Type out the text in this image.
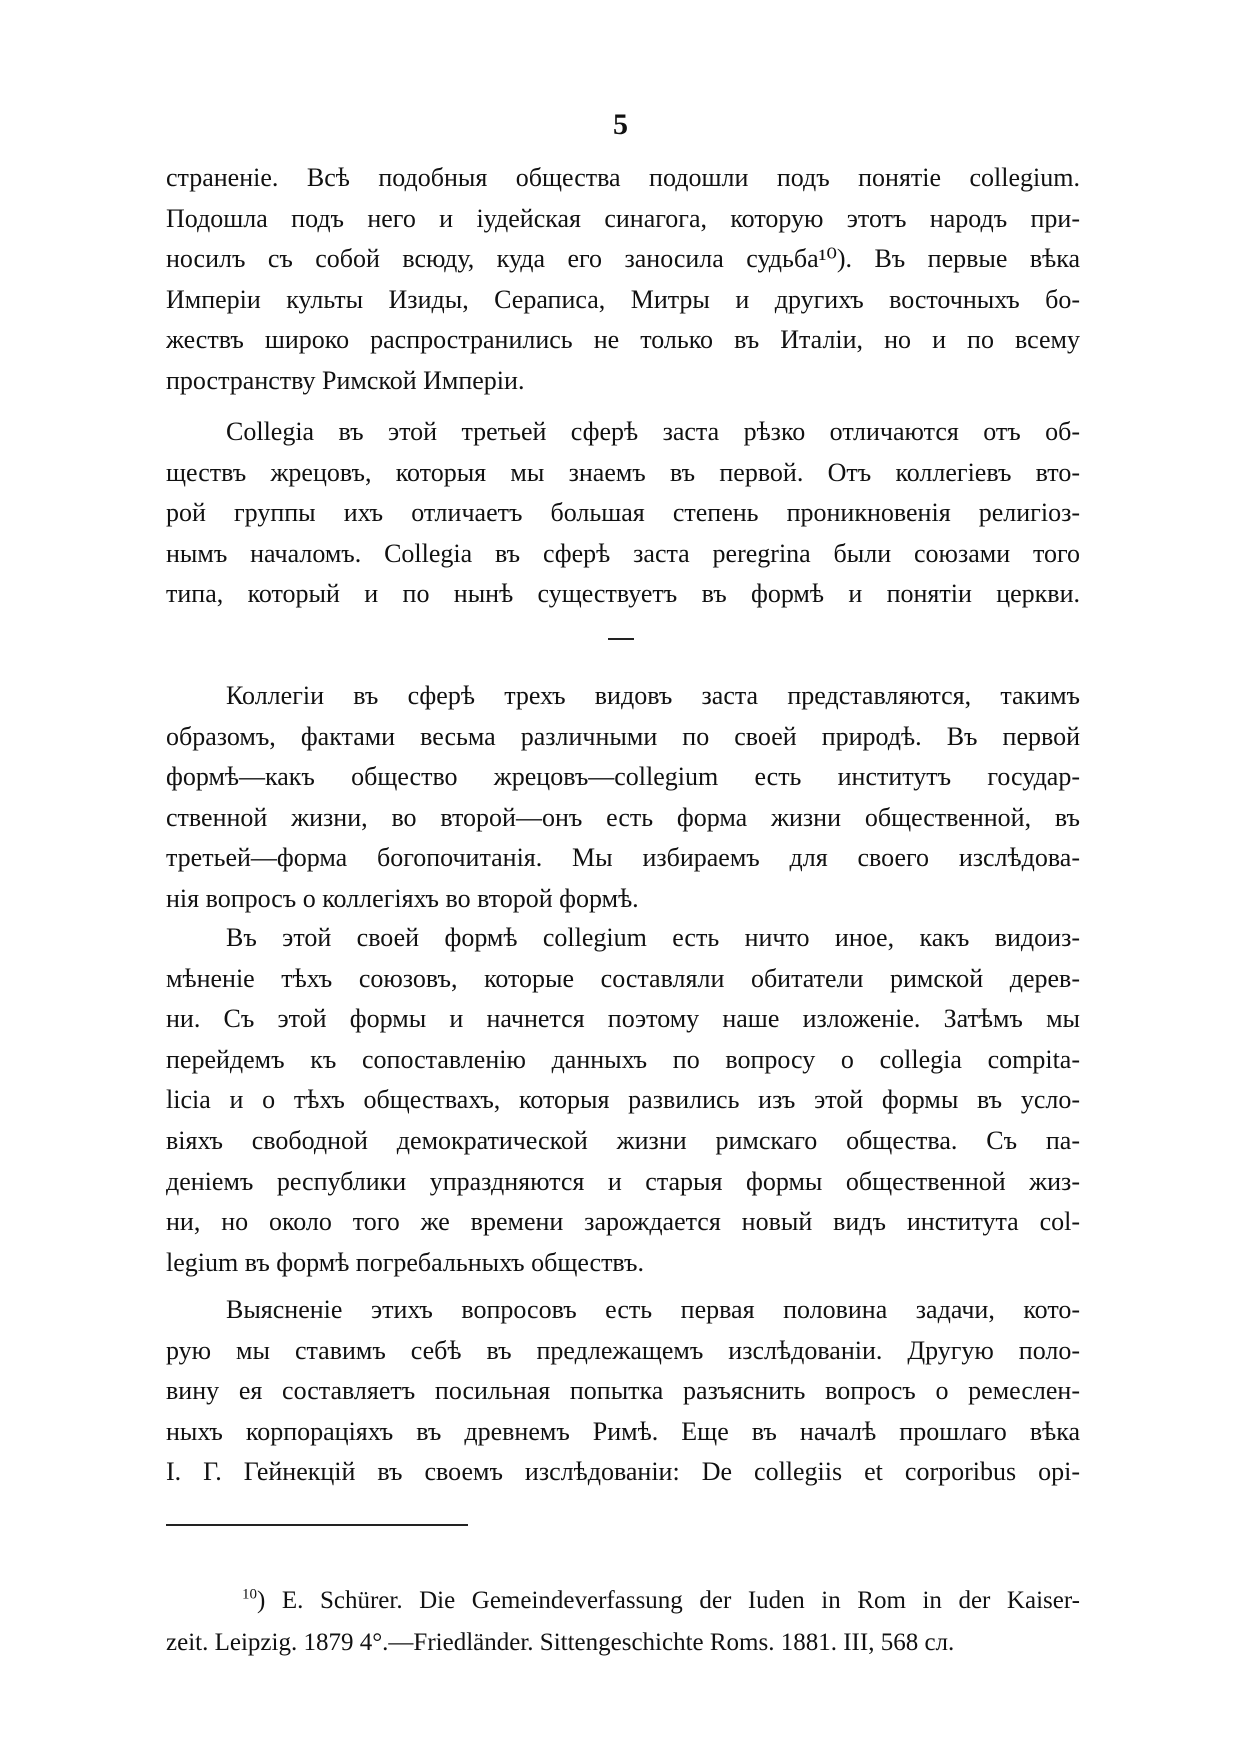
5
страненіе. Всѣ подобныя общества подошли подъ понятіе collegium.
Подошла подъ него и іудейская синагога, которую этотъ народъ при-
носилъ съ собой всюду, куда его заносила судьба¹⁰). Въ первые вѣка
Имперіи культы Изиды, Сераписа, Митры и другихъ восточныхъ бо-
жествъ широко распространились не только въ Италіи, но и по всему
пространству Римской Имперіи.
Collegia въ этой третьей сферѣ заста рѣзко отличаются отъ об-
ществъ жрецовъ, которыя мы знаемъ въ первой. Отъ коллегіевъ вто-
рой группы ихъ отличаетъ большая степень проникновенія религіоз-
нымъ началомъ. Collegia въ сферѣ заста peregrina были союзами того
типа, который и по нынѣ существуетъ въ формѣ и понятіи церкви.
Коллегіи въ сферѣ трехъ видовъ заста представляются, такимъ
образомъ, фактами весьма различными по своей природѣ. Въ первой
формѣ—какъ общество жрецовъ—collegium есть институтъ государ-
ственной жизни, во второй—онъ есть форма жизни общественной, въ
третьей—форма богопочитанія. Мы избираемъ для своего изслѣдова-
нія вопросъ о коллегіяхъ во второй формѣ.
Въ этой своей формѣ collegium есть ничто иное, какъ видоиз-
мѣненіе тѣхъ союзовъ, которые составляли обитатели римской дерев-
ни. Съ этой формы и начнется поэтому наше изложеніе. Затѣмъ мы
перейдемъ къ сопоставленію данныхъ по вопросу о collegia compita-
licia и о тѣхъ обществахъ, которыя развились изъ этой формы въ усло-
віяхъ свободной демократической жизни римскаго общества. Съ па-
деніемъ республики упраздняются и старыя формы общественной жиз-
ни, но около того же времени зарождается новый видъ института col-
legium въ формѣ погребальныхъ обществъ.
Выясненіе этихъ вопросовъ есть первая половина задачи, кото-
рую мы ставимъ себѣ въ предлежащемъ изслѣдованіи. Другую поло-
вину ея составляетъ посильная попытка разъяснить вопросъ о ремеслен-
ныхъ корпораціяхъ въ древнемъ Римѣ. Еще въ началѣ прошлаго вѣка
I. Г. Гейнекцій въ своемъ изслѣдованіи: De collegiis et corporibus opi-
$^{10}$) E. Schürer. Die Gemeindeverfassung der Iuden in Rom in der Kaiser-
zeit. Leipzig. 1879 4°.—Friedländer. Sittengeschichte Roms. 1881. III, 568 сл.
